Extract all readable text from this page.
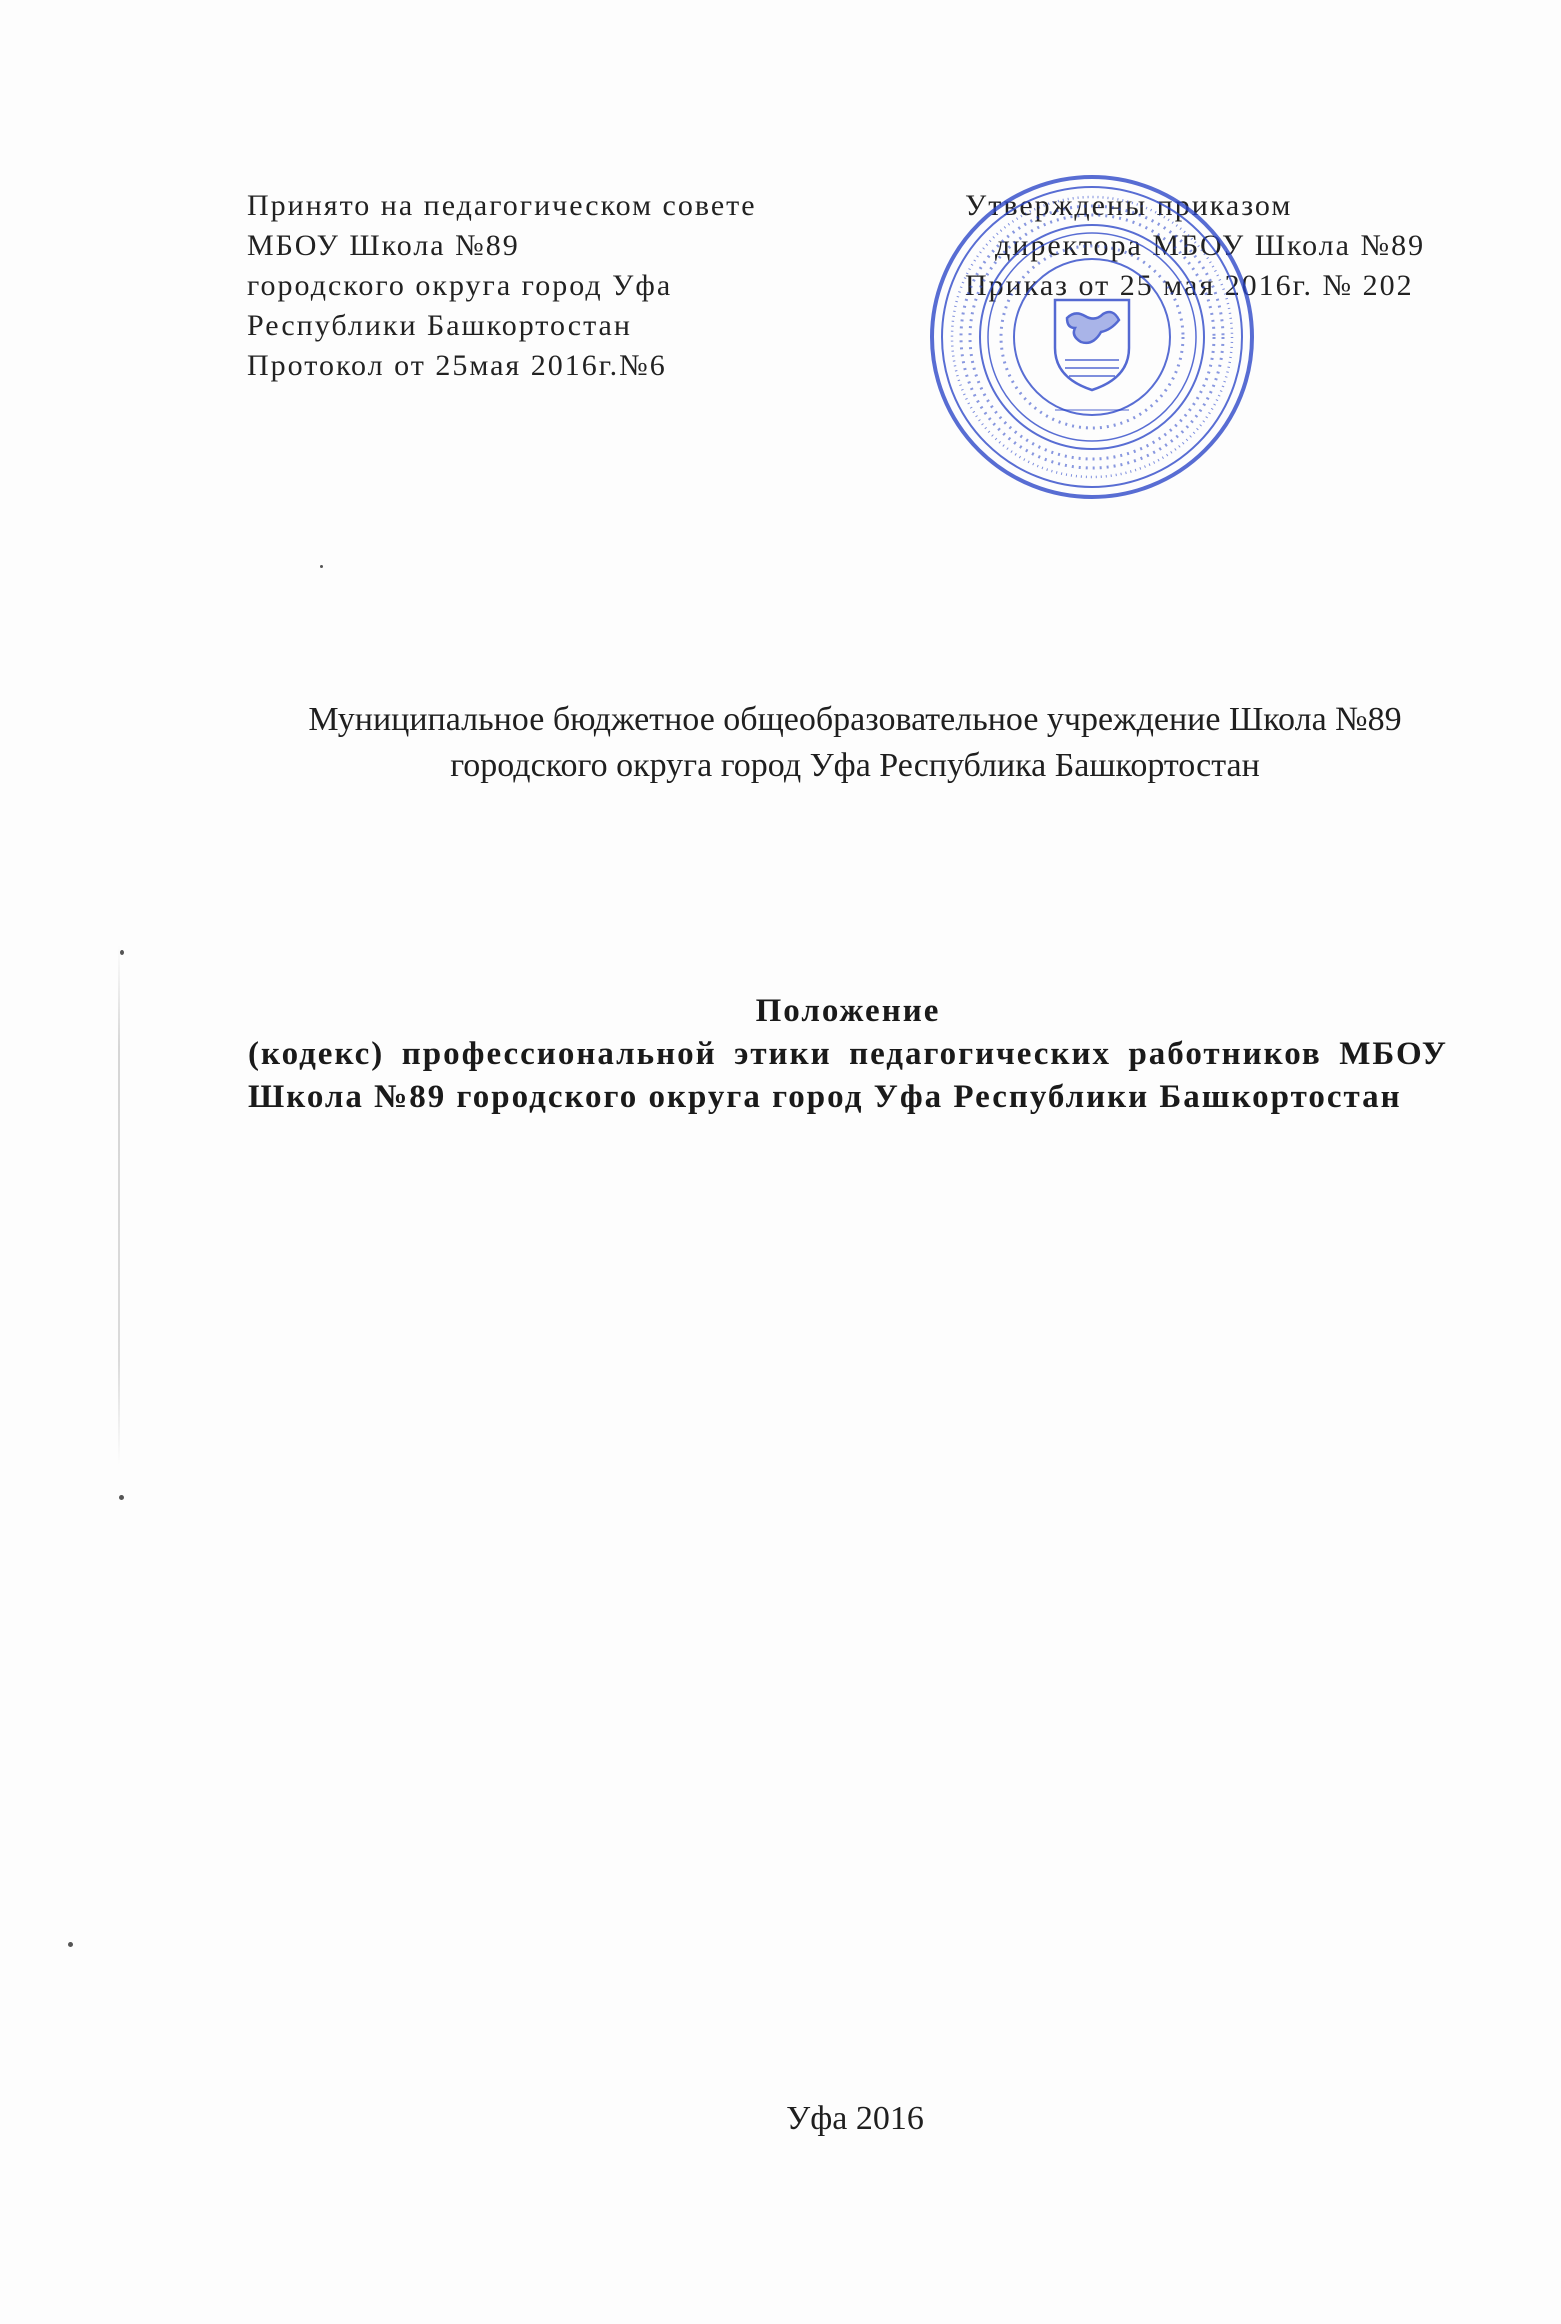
Принято на педагогическом совете
МБОУ Школа №89
городского округа город Уфа
Республики Башкортостан
Протокол от 25мая 2016г.№6
Утверждены приказом
директора МБОУ Школа №89
Приказ от 25 мая 2016г. № 202
Муниципальное бюджетное общеобразовательное учреждение Школа №89
городского округа город Уфа Республика Башкортостан
Положение
(кодекс) профессиональной этики педагогических работников МБОУ Школа №89 городского округа город Уфа Республики Башкортостан
Уфа 2016
